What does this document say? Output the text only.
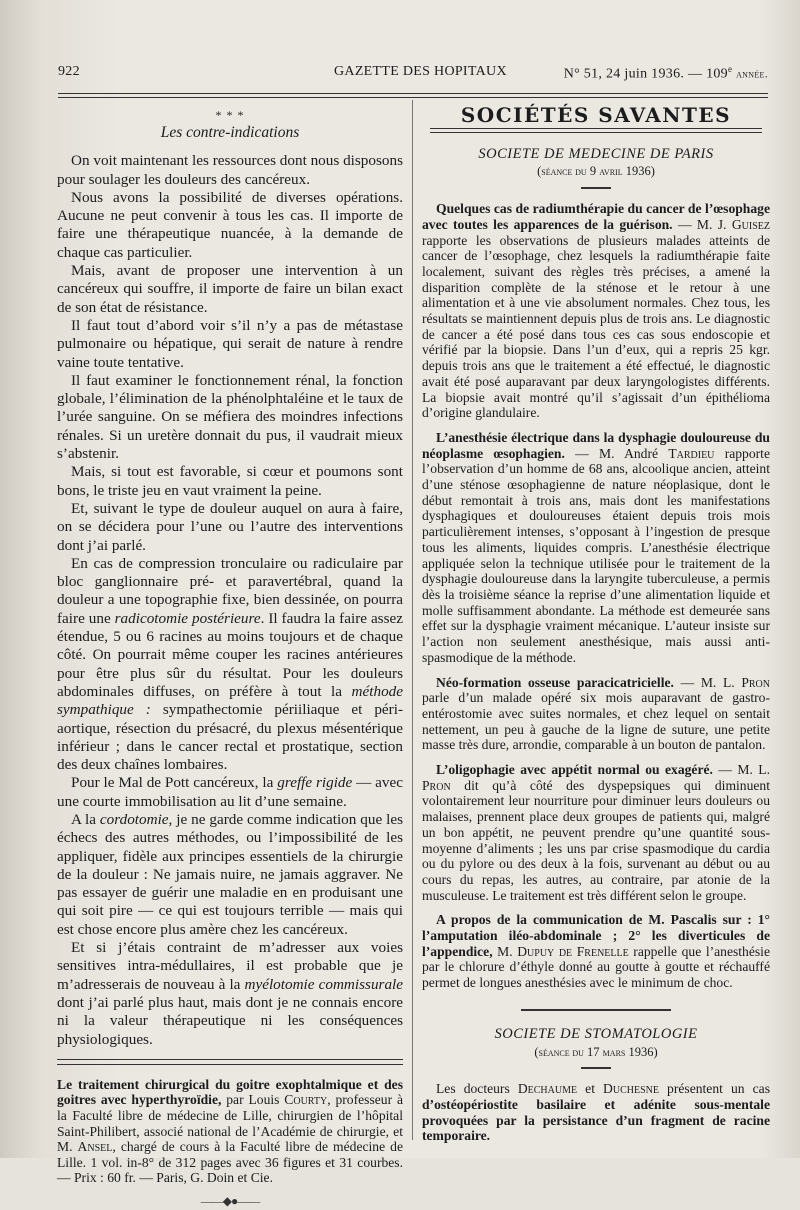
922	GAZETTE DES HOPITAUX	N° 51, 24 juin 1936. — 109e année.
* * *
Les contre-indications

On voit maintenant les ressources dont nous disposons pour soulager les douleurs des cancéreux.

Nous avons la possibilité de diverses opérations. Aucune ne peut convenir à tous les cas. Il importe de faire une thérapeutique nuancée, à la demande de chaque cas particulier.

Mais, avant de proposer une intervention à un cancéreux qui souffre, il importe de faire un bilan exact de son état de résistance.

Il faut tout d’abord voir s’il n’y a pas de métastase pulmonaire ou hépatique, qui serait de nature à rendre vaine toute tentative.

Il faut examiner le fonctionnement rénal, la fonction globale, l’élimination de la phénolphtaléine et le taux de l’urée sanguine. On se méfiera des moindres infections rénales. Si un uretère donnait du pus, il vaudrait mieux s’abstenir.

Mais, si tout est favorable, si cœur et poumons sont bons, le triste jeu en vaut vraiment la peine.

Et, suivant le type de douleur auquel on aura à faire, on se décidera pour l’une ou l’autre des interventions dont j’ai parlé.

En cas de compression tronculaire ou radiculaire par bloc ganglionnaire pré- et paravertébral, quand la douleur a une topographie fixe, bien dessinée, on pourra faire une radicotomie postérieure. Il faudra la faire assez étendue, 5 ou 6 racines au moins toujours et de chaque côté. On pourrait même couper les racines antérieures pour être plus sûr du résultat. Pour les douleurs abdominales diffuses, on préfère à tout la méthode sympathique : sympathectomie périiliaque et péri-aortique, résection du présacré, du plexus mésentérique inférieur ; dans le cancer rectal et prostatique, section des deux chaînes lombaires.

Pour le Mal de Pott cancéreux, la greffe rigide — avec une courte immobilisation au lit d’une semaine.

A la cordotomie, je ne garde comme indication que les échecs des autres méthodes, ou l’impossibilité de les appliquer, fidèle aux principes essentiels de la chirurgie de la douleur : Ne jamais nuire, ne jamais aggraver. Ne pas essayer de guérir une maladie en en produisant une qui soit pire — ce qui est toujours terrible — mais qui est chose encore plus amère chez les cancéreux.

Et si j’étais contraint de m’adresser aux voies sensitives intra-médullaires, il est probable que je m’adresserais de nouveau à la myélotomie commissurale dont j’ai parlé plus haut, mais dont je ne connais encore ni la valeur thérapeutique ni les conséquences physiologiques.

Le traitement chirurgical du goitre exophtalmique et des goitres avec hyperthyroïdie, par Louis Courty, professeur à la Faculté libre de médecine de Lille, chirurgien de l’hôpital Saint-Philibert, associé national de l’Académie de chirurgie, et M. Ansel, chargé de cours à la Faculté libre de médecine de Lille. 1 vol. in-8° de 312 pages avec 36 figures et 31 courbes. — Prix : 60 fr. — Paris, G. Doin et Cie.

——◆●——
SOCIÉTÉS SAVANTES
SOCIETE DE MEDECINE DE PARIS
(séance du 9 avril 1936)

Quelques cas de radiumthérapie du cancer de l’œsophage avec toutes les apparences de la guérison. — M. J. Guisez rapporte les observations de plusieurs malades atteints de cancer de l’œsophage, chez lesquels la radiumthérapie faite localement, suivant des règles très précises, a amené la disparition complète de la sténose et le retour à une alimentation et à une vie absolument normales. Chez tous, les résultats se maintiennent depuis plus de trois ans. Le diagnostic de cancer a été posé dans tous ces cas sous endoscopie et vérifié par la biopsie. Dans l’un d’eux, qui a repris 25 kgr. depuis trois ans que le traitement a été effectué, le diagnostic avait été posé auparavant par deux laryngologistes différents. La biopsie avait montré qu’il s’agissait d’un épithélioma d’origine glandulaire.

L’anesthésie électrique dans la dysphagie douloureuse du néoplasme œsophagien. — M. André Tardieu rapporte l’observation d’un homme de 68 ans, alcoolique ancien, atteint d’une sténose œsophagienne de nature néoplasique, dont le début remontait à trois ans, mais dont les manifestations dysphagiques et douloureuses étaient depuis trois mois particulièrement intenses, s’opposant à l’ingestion de presque tous les aliments, liquides compris. L’anesthésie électrique appliquée selon la technique utilisée pour le traitement de la dysphagie douloureuse dans la laryngite tuberculeuse, a permis dès la troisième séance la reprise d’une alimentation liquide et molle suffisamment abondante. La méthode est demeurée sans effet sur la dysphagie vraiment mécanique. L’auteur insiste sur l’action non seulement anesthésique, mais aussi anti-spasmodique de la méthode.

Néo-formation osseuse paracicatricielle. — M. L. Pron parle d’un malade opéré six mois auparavant de gastro-entérostomie avec suites normales, et chez lequel on sentait nettement, un peu à gauche de la ligne de suture, une petite masse très dure, arrondie, comparable à un bouton de pantalon.

L’oligophagie avec appétit normal ou exagéré. — M. L. Pron dit qu’à côté des dyspepsiques qui diminuent volontairement leur nourriture pour diminuer leurs douleurs ou malaises, prennent place deux groupes de patients qui, malgré un bon appétit, ne peuvent prendre qu’une quantité sous-moyenne d’aliments ; les uns par crise spasmodique du cardia ou du pylore ou des deux à la fois, survenant au début ou au cours du repas, les autres, au contraire, par atonie de la musculeuse. Le traitement est très différent selon le groupe.

A propos de la communication de M. Pascalis sur : 1° l’amputation iléo-abdominale ; 2° les diverticules de l’appendice, M. Dupuy de Frenelle rappelle que l’anesthésie par le chlorure d’éthyle donné au goutte à goutte et réchauffé permet de longues anesthésies avec le minimum de choc.

SOCIETE DE STOMATOLOGIE
(séance du 17 mars 1936)

Les docteurs Dechaume et Duchesne présentent un cas d’ostéopériostite basilaire et adénite sous-mentale provoquées par la persistance d’un fragment de racine temporaire.
